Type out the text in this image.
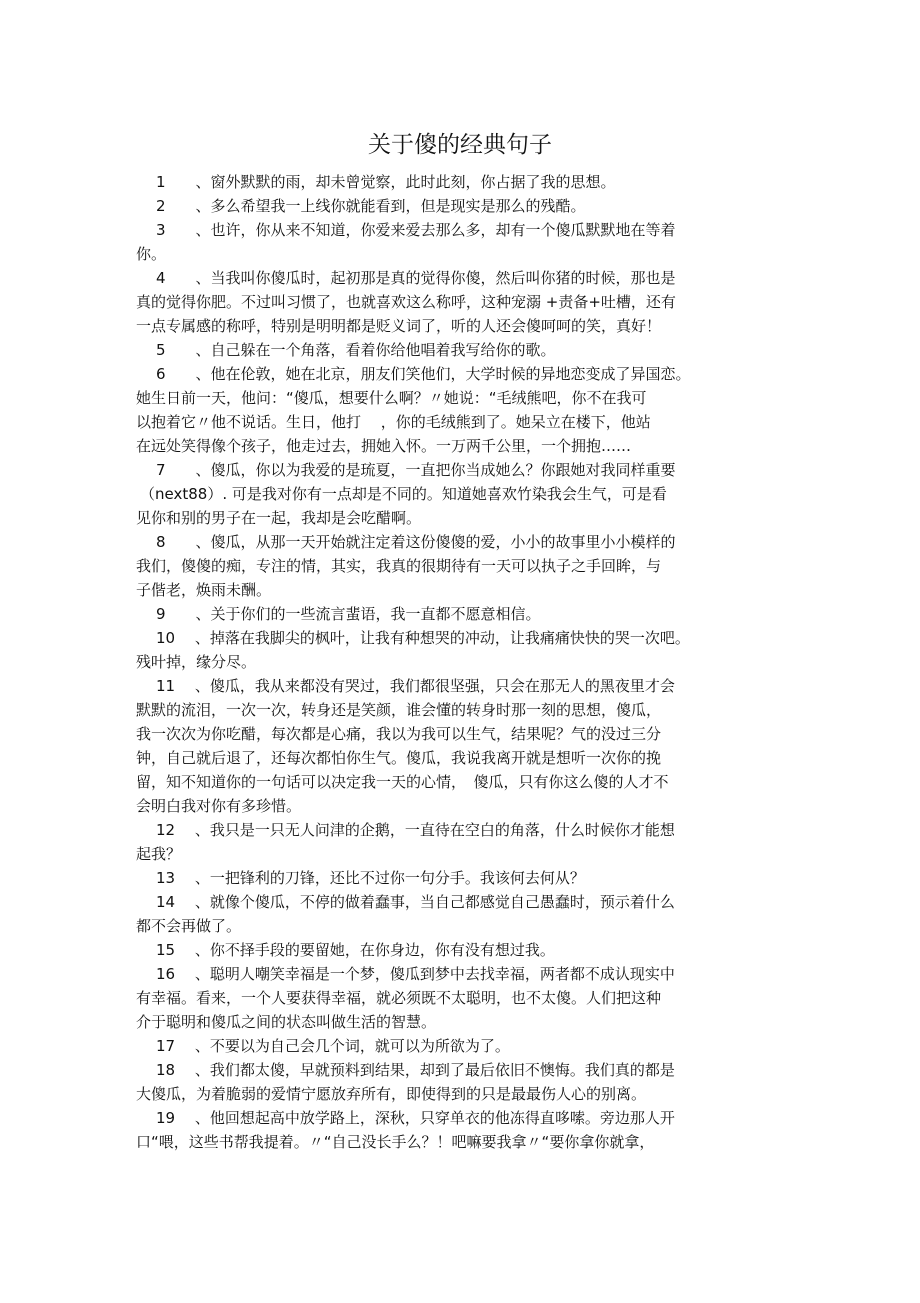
关于傻的经典句子
1　　、窗外默默的雨，却未曾觉察，此时此刻，你占据了我的思想。
2　　、多么希望我一上线你就能看到，但是现实是那么的残酷。
3　　、也许，你从来不知道，你爱来爱去那么多，却有一个傻瓜默默地在等着
你。
4　　、当我叫你傻瓜时，起初那是真的觉得你傻，然后叫你猪的时候，那也是
真的觉得你肥。不过叫习惯了，也就喜欢这么称呼，这种宠溺 +责备+吐槽，还有
一点专属感的称呼，特别是明明都是贬义词了，听的人还会傻呵呵的笑，真好！
5　　、自己躲在一个角落，看着你给他唱着我写给你的歌。
6　　、他在伦敦，她在北京，朋友们笑他们，大学时候的异地恋变成了异国恋。
她生日前一天，他问：“傻瓜，想要什么啊？〃她说：“毛绒熊吧，你不在我可
以抱着它〃他不说话。生日，他打　 ，你的毛绒熊到了。她呆立在楼下，他站
在远处笑得像个孩子，他走过去，拥她入怀。一万两千公里，一个拥抱……
7　　、傻瓜，你以为我爱的是琉夏，一直把你当成她么？你跟她对我同样重要
（next88）. 可是我对你有一点却是不同的。知道她喜欢竹染我会生气，可是看
见你和别的男子在一起，我却是会吃醋啊。
8　　、傻瓜，从那一天开始就注定着这份傻傻的爱，小小的故事里小小模样的
我们，傻傻的痴，专注的情，其实，我真的很期待有一天可以执子之手回眸，与
子偕老，焕雨未酬。
9　　、关于你们的一些流言蜚语，我一直都不愿意相信。
10 　、掉落在我脚尖的枫叶，让我有种想哭的冲动，让我痛痛快快的哭一次吧。
残叶掉，缘分尽。
11 　、傻瓜，我从来都没有哭过，我们都很坚强，只会在那无人的黑夜里才会
默默的流泪，一次一次，转身还是笑颜，谁会懂的转身时那一刻的思想，傻瓜，
我一次次为你吃醋，每次都是心痛，我以为我可以生气，结果呢？气的没过三分
钟，自己就后退了，还每次都怕你生气。傻瓜，我说我离开就是想听一次你的挽
留，知不知道你的一句话可以决定我一天的心情，　傻瓜，只有你这么傻的人才不
会明白我对你有多珍惜。
12 　、我只是一只无人问津的企鹅，一直待在空白的角落，什么时候你才能想
起我？
13 　、一把锋利的刀锋，还比不过你一句分手。我该何去何从？
14 　、就像个傻瓜，不停的做着蠢事，当自己都感觉自己愚蠢时，预示着什么
都不会再做了。
15 　、你不择手段的要留她，在你身边，你有没有想过我。
16 　、聪明人嘲笑幸福是一个梦，傻瓜到梦中去找幸福，两者都不成认现实中
有幸福。看来，一个人要获得幸福，就必须既不太聪明，也不太傻。人们把这种
介于聪明和傻瓜之间的状态叫做生活的智慧。
17 　、不要以为自己会几个词，就可以为所欲为了。
18 　、我们都太傻，早就预料到结果，却到了最后依旧不懊悔。我们真的都是
大傻瓜，为着脆弱的爱情宁愿放弃所有，即使得到的只是最最伤人心的别离。
19 　、他回想起高中放学路上，深秋，只穿单衣的他冻得直哆嗦。旁边那人开
口“喂，这些书帮我提着。〃“自己没长手么？！吧嘛要我拿〃“要你拿你就拿，
